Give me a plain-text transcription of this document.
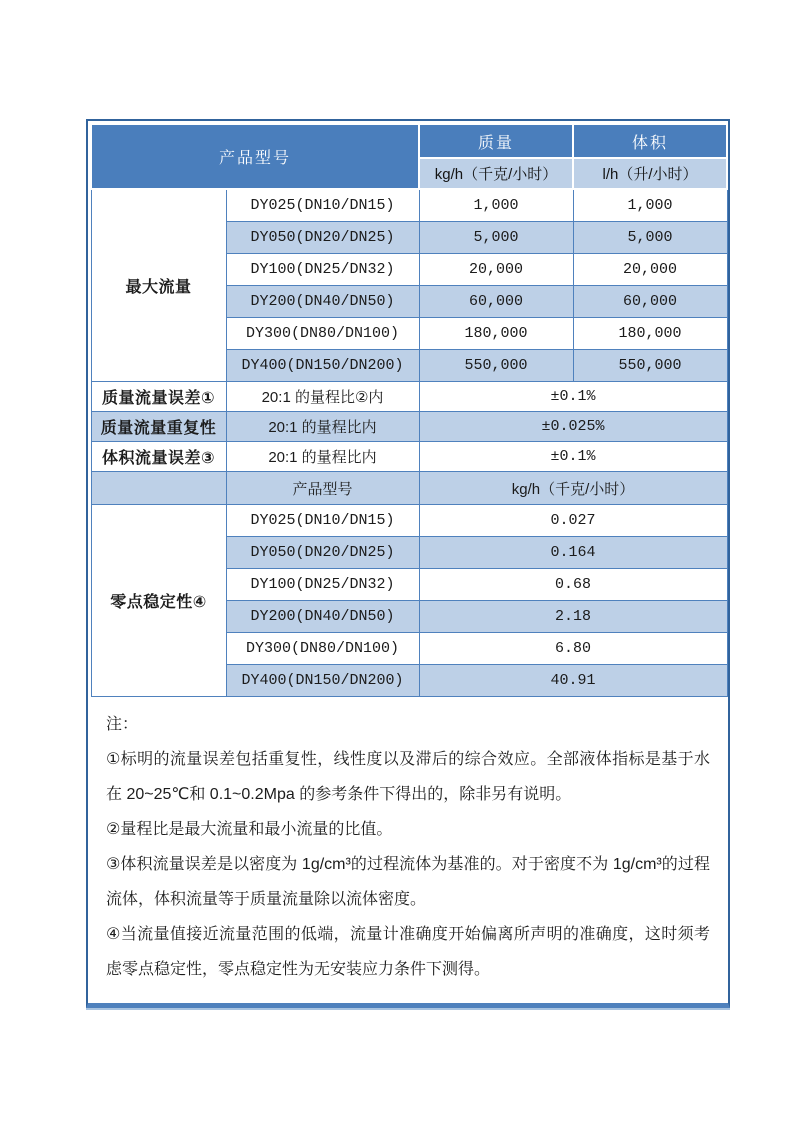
产品型号		质量	体积
		kg/h（千克/小时）	l/h（升/小时）
最大流量	DY025(DN10/DN15)	1,000	1,000
	DY050(DN20/DN25)	5,000	5,000
	DY100(DN25/DN32)	20,000	20,000
	DY200(DN40/DN50)	60,000	60,000
	DY300(DN80/DN100)	180,000	180,000
	DY400(DN150/DN200)	550,000	550,000
质量流量误差①	20:1 的量程比②内	±0.1%	
质量流量重复性	20:1 的量程比内	±0.025%	
体积流量误差③	20:1 的量程比内	±0.1%	
	产品型号	kg/h（千克/小时）	
零点稳定性④	DY025(DN10/DN15)	0.027	
	DY050(DN20/DN25)	0.164	
	DY100(DN25/DN32)	0.68	
	DY200(DN40/DN50)	2.18	
	DY300(DN80/DN100)	6.80	
	DY400(DN150/DN200)	40.91	

注：

①标明的流量误差包括重复性，线性度以及滞后的综合效应。全部液体指标是基于水在 20~25℃和 0.1~0.2Mpa 的参考条件下得出的，除非另有说明。

②量程比是最大流量和最小流量的比值。

③体积流量误差是以密度为 1g/cm³的过程流体为基准的。对于密度不为 1g/cm³的过程流体，体积流量等于质量流量除以流体密度。

④当流量值接近流量范围的低端，流量计准确度开始偏离所声明的准确度，这时须考虑零点稳定性，零点稳定性为无安装应力条件下测得。
